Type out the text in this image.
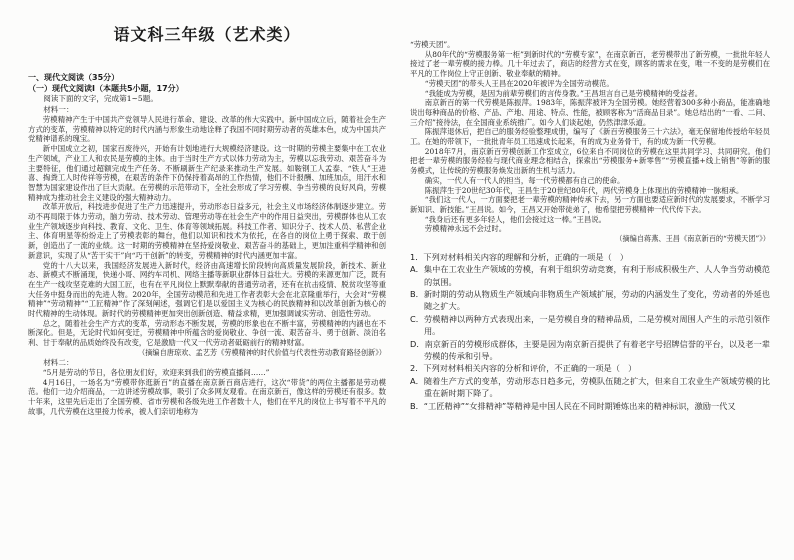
语文科三年级（艺术类）

一、现代文阅读（35分）

（一）现代文阅读Ⅰ（本题共5小题，17分）

阅读下面的文字，完成第1~5题。

材料一：

劳模精神产生于中国共产党领导人民进行革命、建设、改革的伟大实践中。新中国成立后，随着社会生产方式的变革，劳模精神以特定的时代内涵与形象生动地诠释了我国不同时期劳动者的英雄本色，成为中国共产党精神谱系的瑰宝。

新中国成立之初，国家百废待兴，开始有计划地进行大规模经济建设。这一时期的劳模主要集中在工农业生产领域，产业工人和农民是劳模的主体。由于当时生产方式以体力劳动为主，劳模以忘我劳动、艰苦奋斗为主要特征，他们通过超额完成生产任务、不断刷新生产纪录来推动生产发展。如鞍钢工人孟泰、“铁人”王进喜、掏粪工人时传祥等劳模，在艰苦的条件下仍保持着高昂的工作热情，他们不计报酬、加班加点，用汗水和智慧为国家建设作出了巨大贡献。在劳模的示范带动下，全社会形成了学习劳模、争当劳模的良好风尚，劳模精神成为推动社会主义建设的强大精神动力。

改革开放后，科技进步促进了生产力迅速提升，劳动形态日益多元，社会主义市场经济体制逐步建立。劳动不再局限于体力劳动，脑力劳动、技术劳动、管理劳动等在社会生产中的作用日益突出，劳模群体也从工农业生产领域逐步向科技、教育、文化、卫生、体育等领域拓展。科技工作者、知识分子、技术人员、私营企业主、体育明星等纷纷走上了劳模表彰的舞台，他们以知识和技术为依托，在各自的岗位上勇于探索、敢于创新，创造出了一流的业绩。这一时期的劳模精神在坚持爱岗敬业、艰苦奋斗的基础上，更加注重科学精神和创新意识，实现了从“苦干实干”向“巧干创新”的转变，劳模精神的时代内涵更加丰富。

党的十八大以来，我国经济发展进入新时代，经济由高速增长阶段转向高质量发展阶段，新技术、新业态、新模式不断涌现，快递小哥、网约车司机、网络主播等新职业群体日益壮大。劳模的来源更加广泛，既有在生产一线攻坚克难的大国工匠，也有在平凡岗位上默默奉献的普通劳动者，还有在抗击疫情、脱贫攻坚等重大任务中挺身而出的先进人物。2020年，全国劳动模范和先进工作者表彰大会在北京隆重举行，大会对“劳模精神”“劳动精神”“工匠精神”作了深刻阐述，强调它们是以爱国主义为核心的民族精神和以改革创新为核心的时代精神的生动体现。新时代的劳模精神更加突出创新创造、精益求精，更加强调诚实劳动、创造性劳动。

总之，随着社会生产方式的变革，劳动形态不断发展，劳模的形象也在不断丰富，劳模精神的内涵也在不断深化。但是，无论时代如何变迁，劳模精神中所蕴含的爱岗敬业、争创一流、艰苦奋斗、勇于创新、淡泊名利、甘于奉献的品质始终没有改变，它是激励一代又一代劳动者砥砺前行的精神财富。

（摘编自唐琼欢、孟艺芳《劳模精神的时代价值与代表性劳动教育路径创新》）

材料二：

“5月是劳动的节日，各位朋友们好，欢迎来到我们的劳模直播间……”

4月16日，一场名为“劳模带你逛新百”的直播在南京新百商店进行，这次“带货”的两位主播都是劳动模范。他们一边介绍商品，一边讲述劳模故事，吸引了众多网友观看。在南京新百，像这样的劳模还有很多。数十年来，这里先后走出了全国劳模、省市劳模和各级先进工作者数十人，他们在平凡的岗位上书写着不平凡的故事，几代劳模在这里接力传承，被人们亲切地称为

“劳模天团”。

从80年代的“劳模服务第一柜”到新时代的“劳模专家”，在南京新百，老劳模带出了新劳模，一批批年轻人接过了老一辈劳模的接力棒。几十年过去了，商店的经营方式在变，顾客的需求在变，唯一不变的是劳模们在平凡的工作岗位上守正创新、敬业奉献的精神。

“劳模天团”的带头人王昌在2020年被评为全国劳动模范。

“我能成为劳模，是因为前辈劳模们的言传身教。”王昌坦言自己是劳模精神的受益者。

南京新百的第一代劳模是陈振萍。1983年，陈振萍被评为全国劳模。她经营着300多种小商品，能准确地说出每种商品的价格、产品、产地、用途、特点、性能，被顾客称为“活商品目录”。她总结出的“一看、二问、三介绍”接待法，在全国商业系统推广。如今人们谈起她，仍然津津乐道。

陈振萍退休后，把自己的服务经验整理成册，编写了《新百劳模服务三十六法》，毫无保留地传授给年轻员工。在她的带领下，一批批青年员工迅速成长起来，有的成为业务骨干，有的成为新一代劳模。

2018年7月，南京新百劳模创新工作室成立，6位来自不同岗位的劳模在这里共同学习、共同研究。他们把老一辈劳模的服务经验与现代商业理念相结合，探索出“劳模服务+新零售”“劳模直播+线上销售”等新的服务模式，让传统的劳模服务焕发出新的生机与活力。

确实，一代人有一代人的担当，每一代劳模都有自己的使命。

陈振萍生于20世纪30年代，王昌生于20世纪80年代，两代劳模身上体现出的劳模精神一脉相承。

“我们这一代人，一方面要把老一辈劳模的精神传承下去，另一方面也要适应新时代的发展要求，不断学习新知识、新技能。”王昌说。如今，王昌又开始带徒弟了，他希望把劳模精神一代代传下去。

“我身后还有更多年轻人，他们会接过这一棒。”王昌说。

劳模精神永远不会过时。

（摘编自蒋燕、王昌《南京新百的“劳模天团”》）

1．下列对材料相关内容的理解和分析，正确的一项是（　）

A．集中在工农业生产领域的劳模，有利于组织劳动竞赛，有利于形成积极生产、人人争当劳动模范的氛围。

B．新时期的劳动从物质生产领域向非物质生产领域扩展，劳动的内涵发生了变化，劳动者的外延也随之扩大。

C．劳模精神以两种方式表现出来，一是劳模自身的精神品质，二是劳模对周围人产生的示范引领作用。

D．南京新百的劳模形成群体，主要是因为南京新百提供了有着老字号招牌信誉的平台，以及老一辈劳模的传承和引导。

2．下列对材料相关内容的分析和评价，不正确的一项是（　）

A．随着生产方式的变革，劳动形态日趋多元，劳模队伍随之扩大，但来自工农业生产领域劳模的比重在新时期下降了。

B．“工匠精神”“女排精神”等精神是中国人民在不同时期锤炼出来的精神标识，激励一代又
